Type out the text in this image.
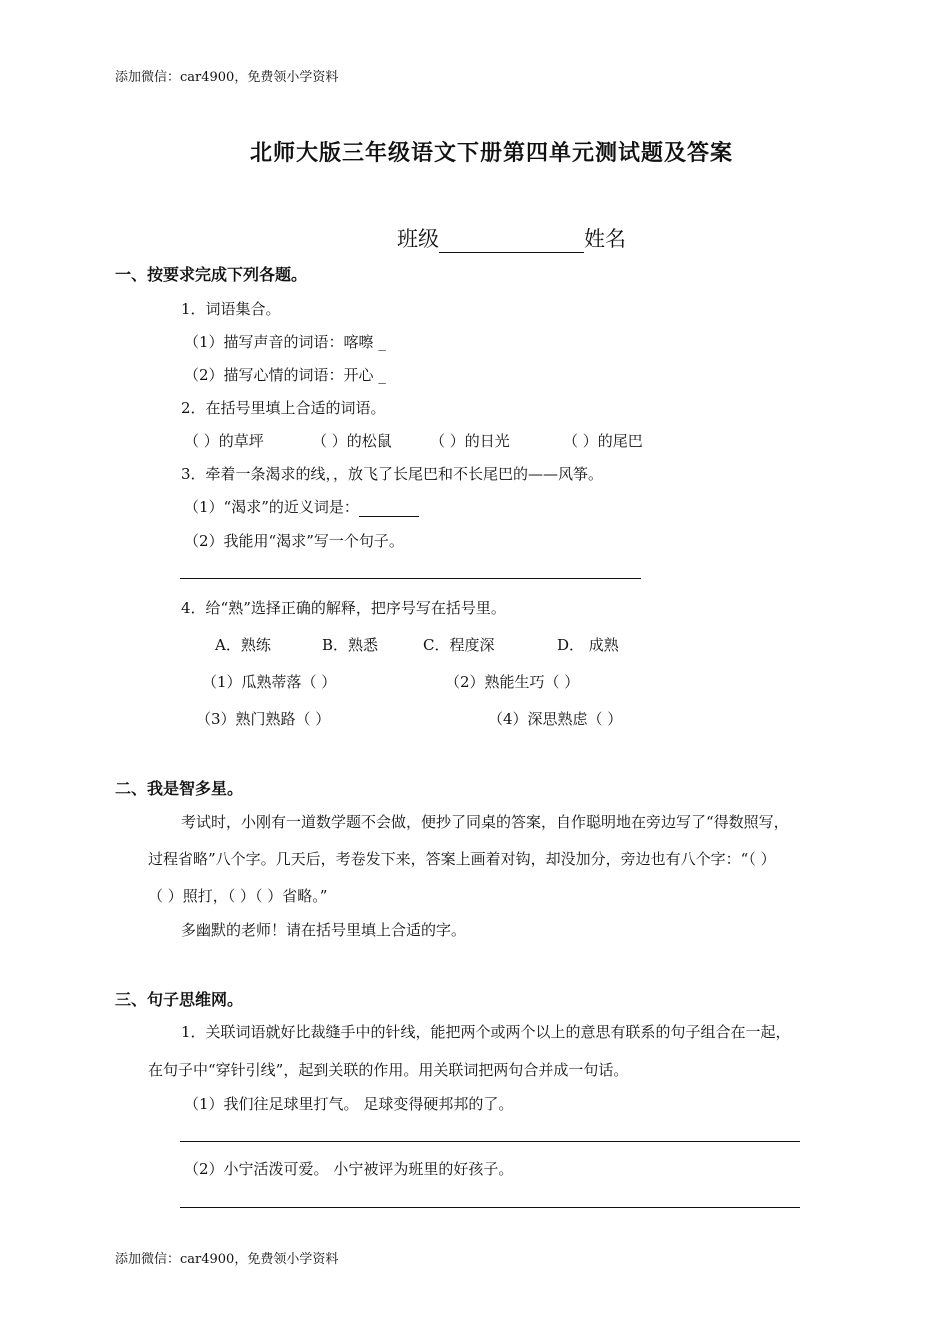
添加微信：car4900，免费领小学资料
北师大版三年级语文下册第四单元测试题及答案
班级	姓名
一、按要求完成下列各题。
1．词语集合。
（1）描写声音的词语：喀嚓 _
（2）描写心情的词语：开心 _
2．在括号里填上合适的词语。
（ ）的草坪	（ ）的松鼠	（ ）的日光	（ ）的尾巴
3．牵着一条渴求的线，，放飞了长尾巴和不长尾巴的——风筝。
（1）“渴求”的近义词是：
（2）我能用“渴求”写一个句子。
4．给“熟”选择正确的解释，把序号写在括号里。
A．熟练	B．熟悉	C．程度深	D． 成熟
（1）瓜熟蒂落（ ）	（2）熟能生巧（ ）
（3）熟门熟路（ ）	（4）深思熟虑（ ）
二、我是智多星。
考试时，小刚有一道数学题不会做，便抄了同桌的答案，自作聪明地在旁边写了“得数照写，
过程省略”八个字。几天后，考卷发下来，答案上画着对钩，却没加分，旁边也有八个字：“（ ）
（ ）照打，（ ）（ ）省略。”
多幽默的老师！请在括号里填上合适的字。
三、句子思维网。
1．关联词语就好比裁缝手中的针线，能把两个或两个以上的意思有联系的句子组合在一起，
在句子中“穿针引线”，起到关联的作用。用关联词把两句合并成一句话。
（1）我们往足球里打气。 足球变得硬邦邦的了。
（2）小宁活泼可爱。 小宁被评为班里的好孩子。
添加微信：car4900，免费领小学资料
